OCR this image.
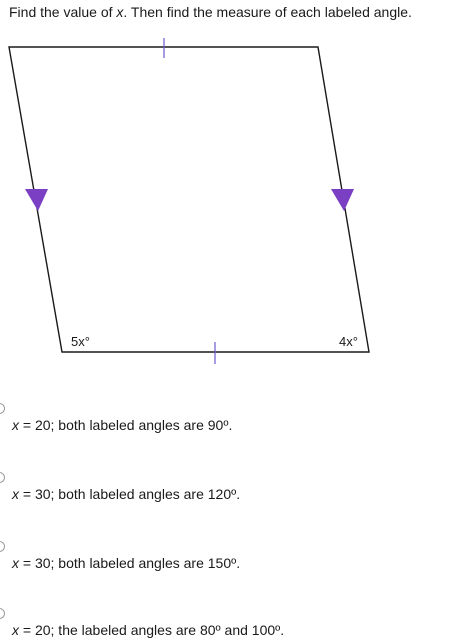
Find the value of x. Then find the measure of each labeled angle.
5x°	4x°
x = 20; both labeled angles are 90º.
x = 30; both labeled angles are 120º.
x = 30; both labeled angles are 150º.
x = 20; the labeled angles are 80º and 100º.
